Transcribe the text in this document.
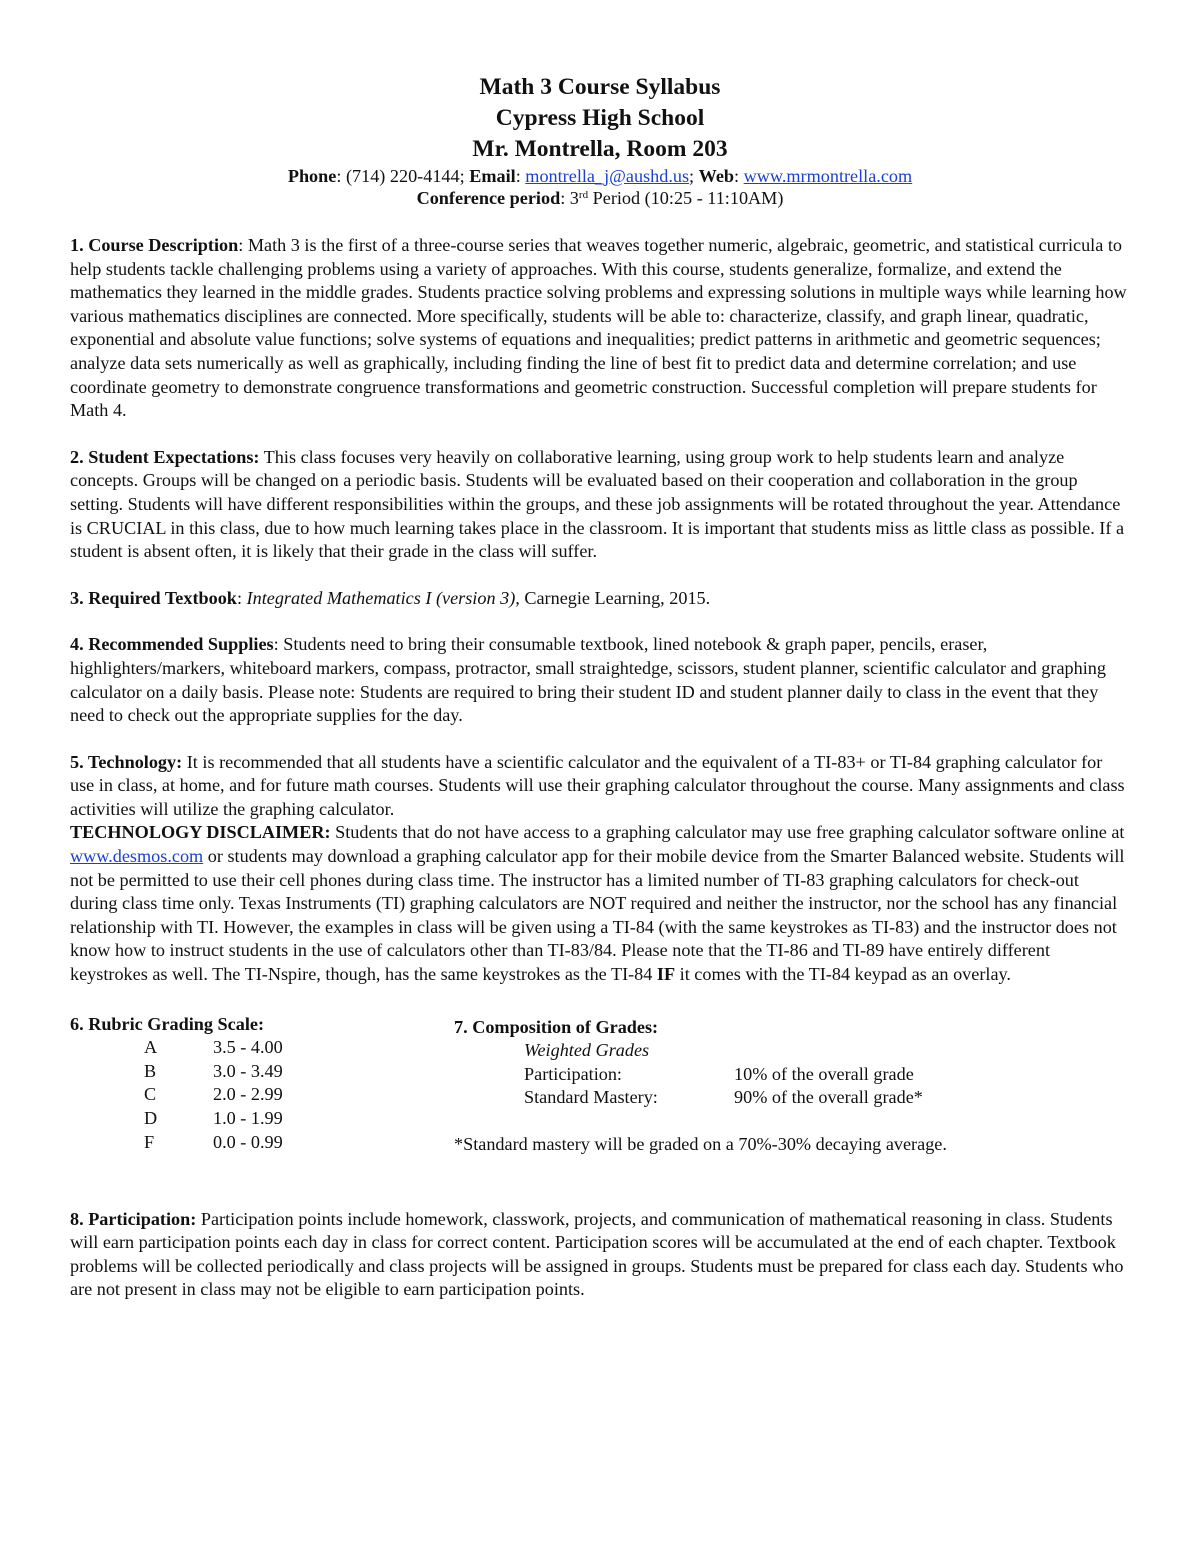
Math 3 Course Syllabus
Cypress High School
Mr. Montrella, Room 203
Phone: (714) 220-4144; Email: montrella_j@aushd.us; Web: www.mrmontrella.com
Conference period: 3rd Period (10:25 - 11:10AM)

1. Course Description: Math 3 is the first of a three-course series that weaves together numeric, algebraic, geometric, and statistical curricula to help students tackle challenging problems using a variety of approaches. With this course, students generalize, formalize, and extend the mathematics they learned in the middle grades. Students practice solving problems and expressing solutions in multiple ways while learning how various mathematics disciplines are connected. More specifically, students will be able to: characterize, classify, and graph linear, quadratic, exponential and absolute value functions; solve systems of equations and inequalities; predict patterns in arithmetic and geometric sequences; analyze data sets numerically as well as graphically, including finding the line of best fit to predict data and determine correlation; and use coordinate geometry to demonstrate congruence transformations and geometric construction. Successful completion will prepare students for Math 4.

2. Student Expectations: This class focuses very heavily on collaborative learning, using group work to help students learn and analyze concepts. Groups will be changed on a periodic basis. Students will be evaluated based on their cooperation and collaboration in the group setting. Students will have different responsibilities within the groups, and these job assignments will be rotated throughout the year. Attendance is CRUCIAL in this class, due to how much learning takes place in the classroom. It is important that students miss as little class as possible. If a student is absent often, it is likely that their grade in the class will suffer.

3. Required Textbook: Integrated Mathematics I (version 3), Carnegie Learning, 2015.

4. Recommended Supplies: Students need to bring their consumable textbook, lined notebook & graph paper, pencils, eraser, highlighters/markers, whiteboard markers, compass, protractor, small straightedge, scissors, student planner, scientific calculator and graphing calculator on a daily basis. Please note: Students are required to bring their student ID and student planner daily to class in the event that they need to check out the appropriate supplies for the day.

5. Technology: It is recommended that all students have a scientific calculator and the equivalent of a TI-83+ or TI-84 graphing calculator for use in class, at home, and for future math courses. Students will use their graphing calculator throughout the course. Many assignments and class activities will utilize the graphing calculator.

TECHNOLOGY DISCLAIMER: Students that do not have access to a graphing calculator may use free graphing calculator software online at www.desmos.com or students may download a graphing calculator app for their mobile device from the Smarter Balanced website. Students will not be permitted to use their cell phones during class time. The instructor has a limited number of TI-83 graphing calculators for check-out during class time only. Texas Instruments (TI) graphing calculators are NOT required and neither the instructor, nor the school has any financial relationship with TI. However, the examples in class will be given using a TI-84 (with the same keystrokes as TI-83) and the instructor does not know how to instruct students in the use of calculators other than TI-83/84. Please note that the TI-86 and TI-89 have entirely different keystrokes as well. The TI-Nspire, though, has the same keystrokes as the TI-84 IF it comes with the TI-84 keypad as an overlay.

6. Rubric Grading Scale:
A	3.5 - 4.00
B	3.0 - 3.49
C	2.0 - 2.99
D	1.0 - 1.99
F	0.0 - 0.99
7. Composition of Grades:
Weighted Grades
Participation:	10% of the overall grade
Standard Mastery:	90% of the overall grade*
*Standard mastery will be graded on a 70%-30% decaying average.

8. Participation: Participation points include homework, classwork, projects, and communication of mathematical reasoning in class. Students will earn participation points each day in class for correct content. Participation scores will be accumulated at the end of each chapter. Textbook problems will be collected periodically and class projects will be assigned in groups. Students must be prepared for class each day. Students who are not present in class may not be eligible to earn participation points.
